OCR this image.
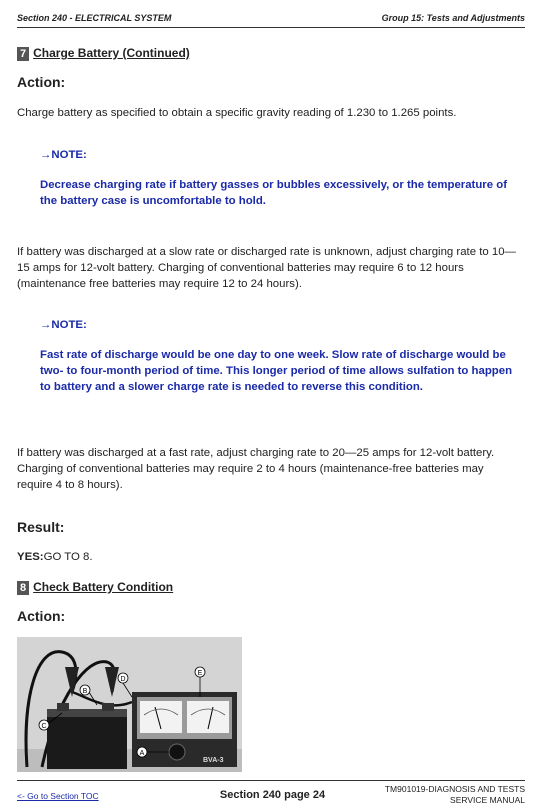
Section 240 - ELECTRICAL SYSTEM	Group 15: Tests and Adjustments
7 Charge Battery (Continued)
Action:
Charge battery as specified to obtain a specific gravity reading of 1.230 to 1.265 points.
→NOTE:
Decrease charging rate if battery gasses or bubbles excessively, or the temperature of the battery case is uncomfortable to hold.
If battery was discharged at a slow rate or discharged rate is unknown, adjust charging rate to 10—15 amps for 12-volt battery. Charging of conventional batteries may require 6 to 12 hours (maintenance free batteries may require 12 to 24 hours).
→NOTE:
Fast rate of discharge would be one day to one week. Slow rate of discharge would be two- to four-month period of time. This longer period of time allows sulfation to happen to battery and a slower charge rate is needed to reverse this condition.
If battery was discharged at a fast rate, adjust charging rate to 20—25 amps for 12-volt battery. Charging of conventional batteries may require 2 to 4 hours (maintenance-free batteries may require 4 to 8 hours).
Result:
YES:GO TO 8.
8 Check Battery Condition
Action:
BVA-3
A
B
C
D
E
<- Go to Section TOC	Section 240 page 24	TM901019-DIAGNOSIS AND TESTS
SERVICE MANUAL
